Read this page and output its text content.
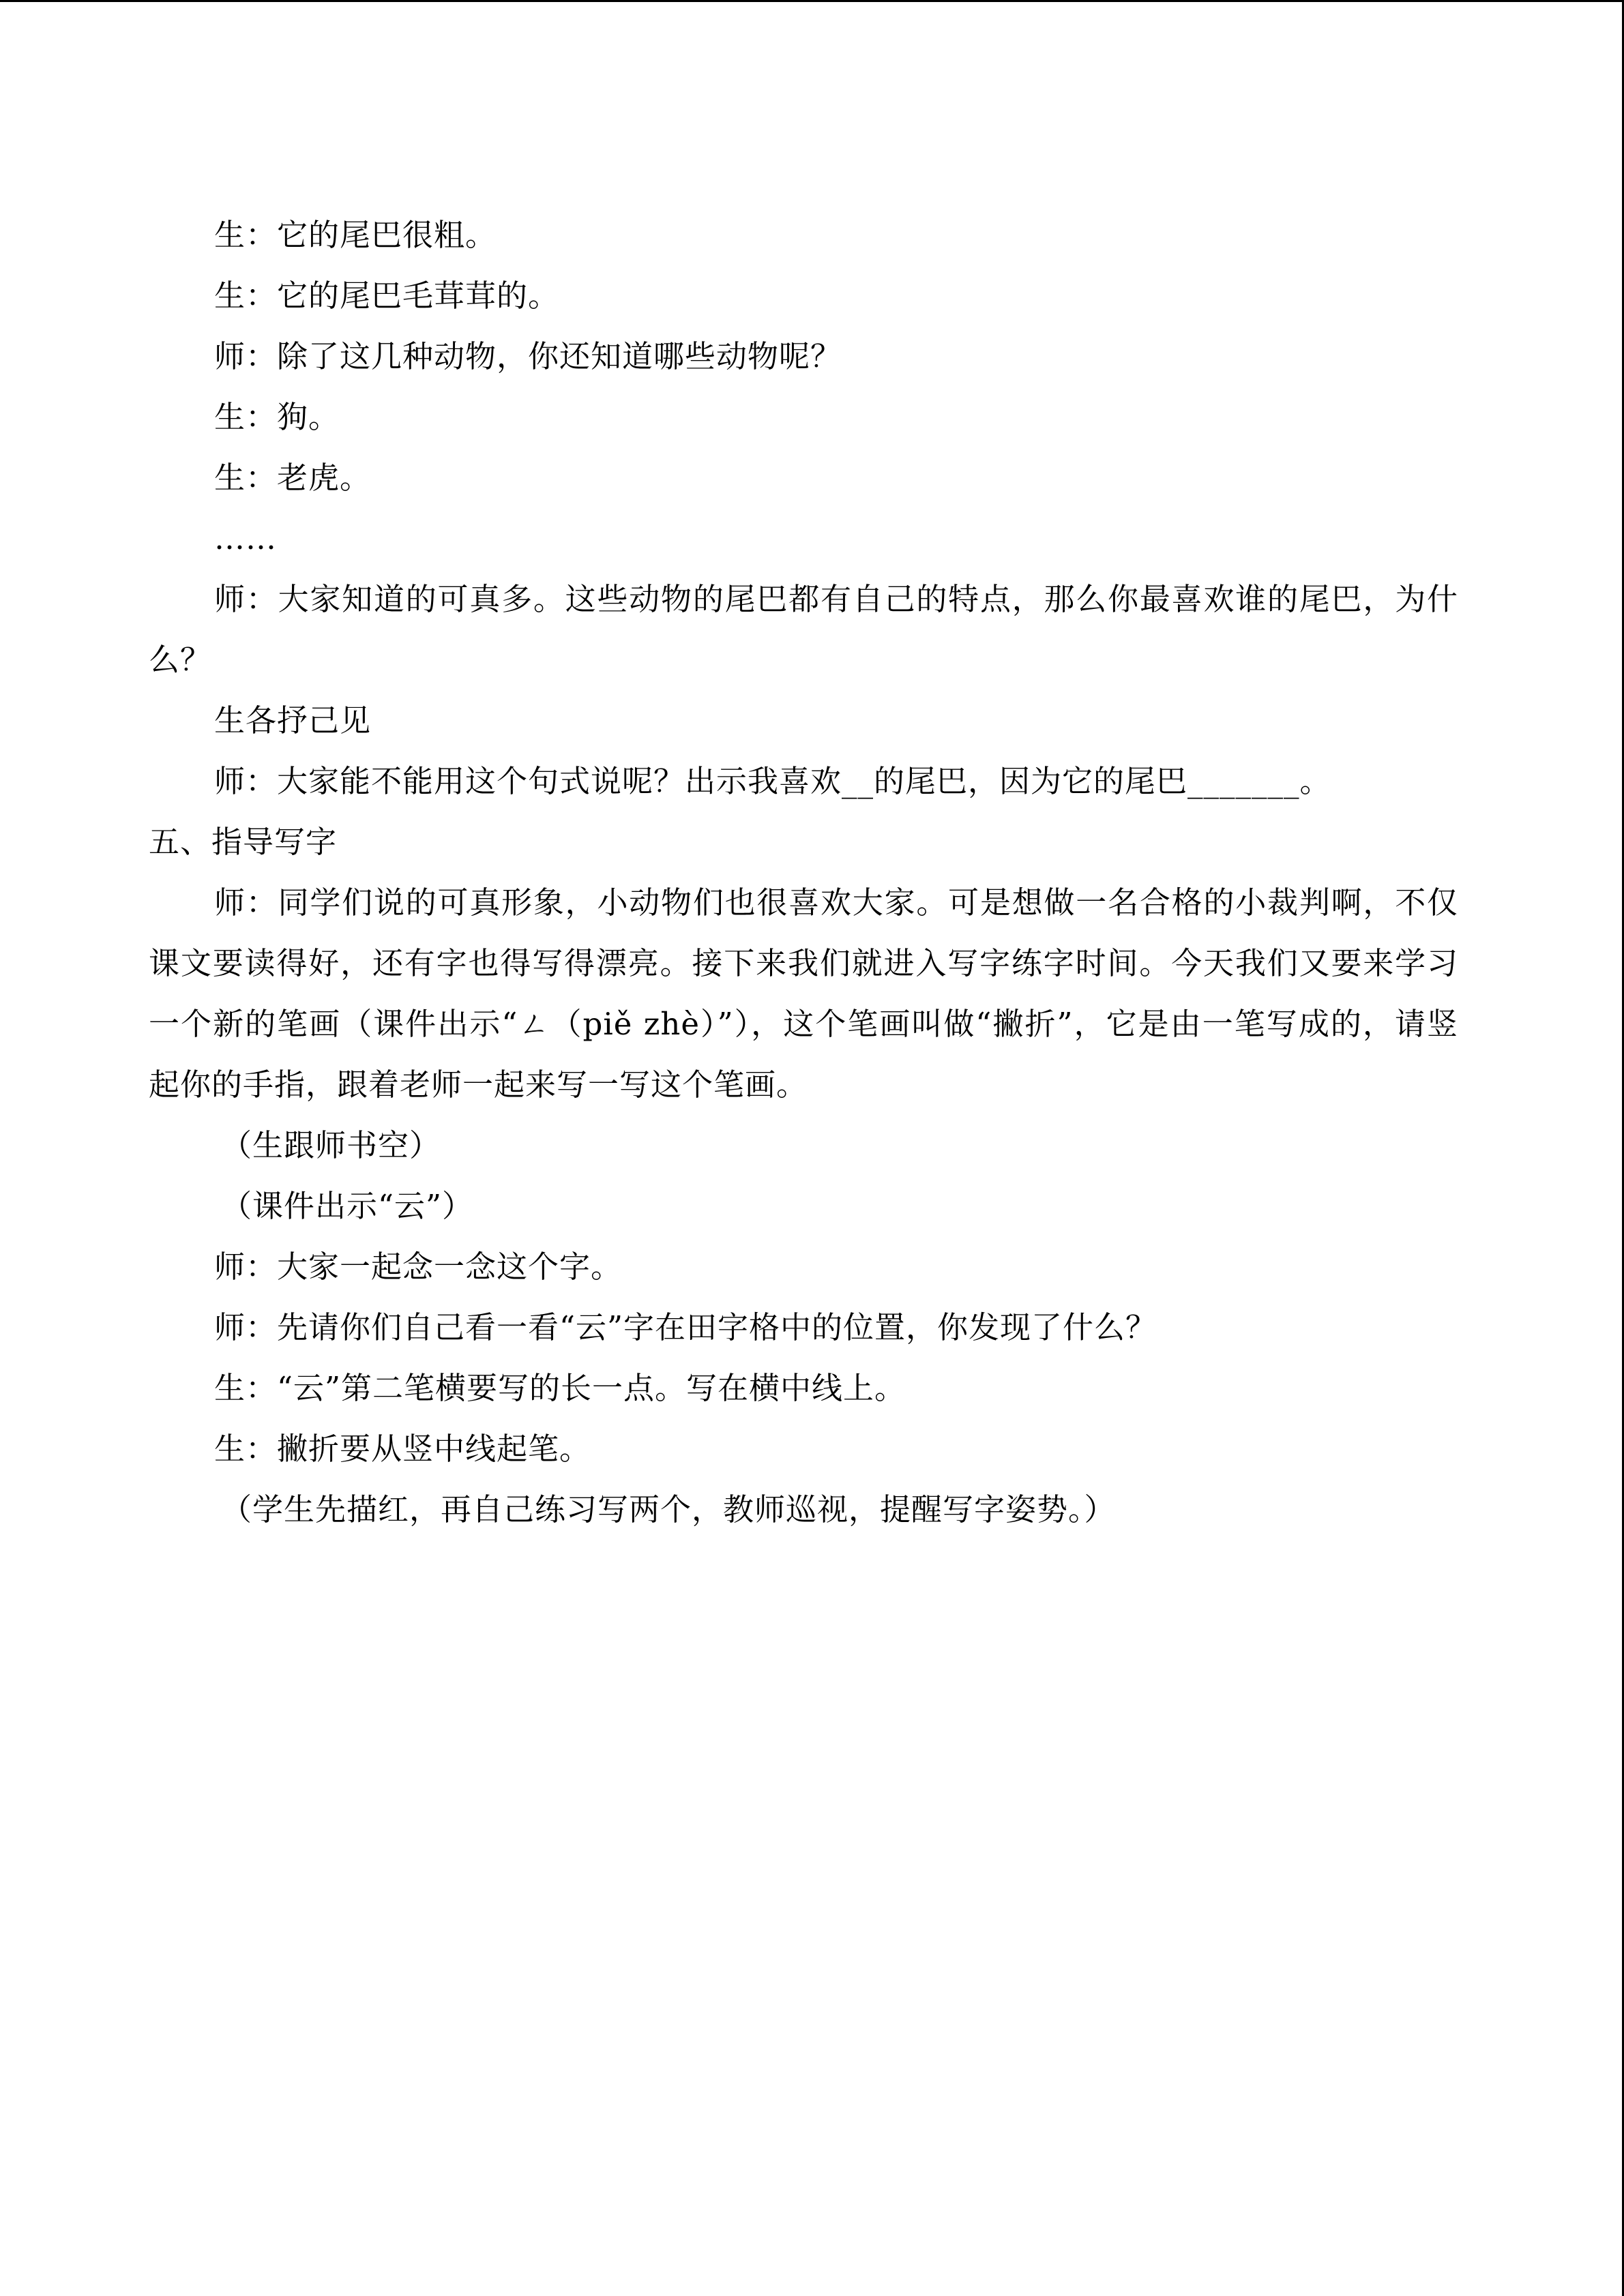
生：它的尾巴很粗。
生：它的尾巴毛茸茸的。
师：除了这几种动物，你还知道哪些动物呢？
生：狗。
生：老虎。
……
师：大家知道的可真多。这些动物的尾巴都有自己的特点，那么你最喜欢谁的尾巴，为什么？
生各抒己见
师：大家能不能用这个句式说呢？出示我喜欢__的尾巴，因为它的尾巴_______。
五、指导写字
师：同学们说的可真形象，小动物们也很喜欢大家。可是想做一名合格的小裁判啊，不仅课文要读得好，还有字也得写得漂亮。接下来我们就进入写字练字时间。今天我们又要来学习一个新的笔画（课件出示“ㄥ（piě zhè）”），这个笔画叫做“撇折”，它是由一笔写成的，请竖起你的手指，跟着老师一起来写一写这个笔画。
（生跟师书空）
（课件出示“云”）
师：大家一起念一念这个字。
师：先请你们自己看一看“云”字在田字格中的位置，你发现了什么？
生：“云”第二笔横要写的长一点。写在横中线上。
生：撇折要从竖中线起笔。
（学生先描红，再自己练习写两个，教师巡视，提醒写字姿势。）
